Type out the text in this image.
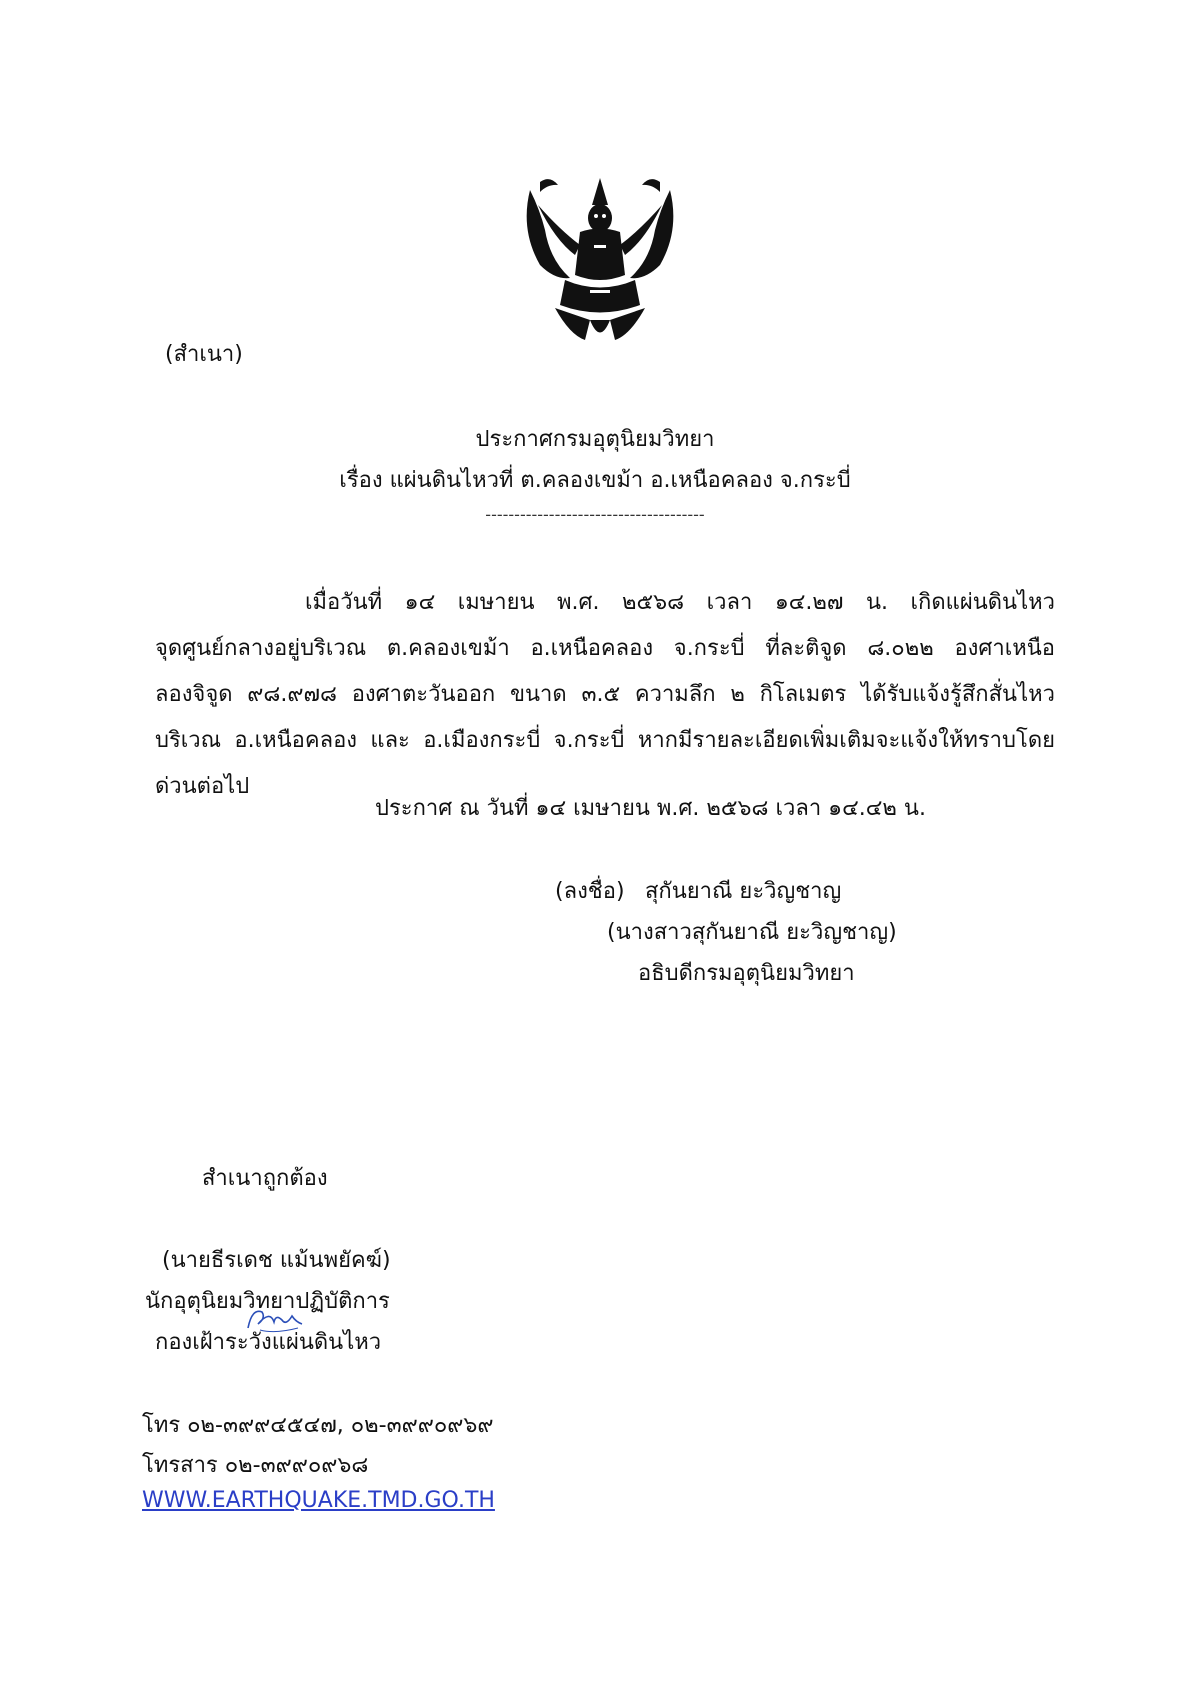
(สำเนา)
ประกาศกรมอุตุนิยมวิทยา
เรื่อง แผ่นดินไหวที่ ต.คลองเขม้า อ.เหนือคลอง จ.กระบี่
--------------------------------------
เมื่อวันที่ ๑๔ เมษายน พ.ศ. ๒๕๖๘ เวลา ๑๔.๒๗ น. เกิดแผ่นดินไหว จุดศูนย์กลางอยู่บริเวณ ต.คลองเขม้า อ.เหนือคลอง จ.กระบี่ ที่ละติจูด ๘.๐๒๒ องศาเหนือ ลองจิจูด ๙๘.๙๗๘ องศาตะวันออก ขนาด ๓.๕ ความลึก ๒ กิโลเมตร ได้รับแจ้งรู้สึกสั่นไหวบริเวณ อ.เหนือคลอง และ อ.เมืองกระบี่ จ.กระบี่ หากมีรายละเอียดเพิ่มเติมจะแจ้งให้ทราบโดยด่วนต่อไป
ประกาศ ณ วันที่ ๑๔ เมษายน พ.ศ. ๒๕๖๘ เวลา ๑๔.๔๒ น.
(ลงชื่อ) สุกันยาณี ยะวิญชาญ
(นางสาวสุกันยาณี ยะวิญชาญ)
อธิบดีกรมอุตุนิยมวิทยา
สำเนาถูกต้อง
(นายธีรเดช แม้นพยัคฆ์)
นักอุตุนิยมวิทยาปฏิบัติการ
กองเฝ้าระวังแผ่นดินไหว
โทร ๐๒-๓๙๙๔๕๔๗, ๐๒-๓๙๙๐๙๖๙
โทรสาร ๐๒-๓๙๙๐๙๖๘
WWW.EARTHQUAKE.TMD.GO.TH
